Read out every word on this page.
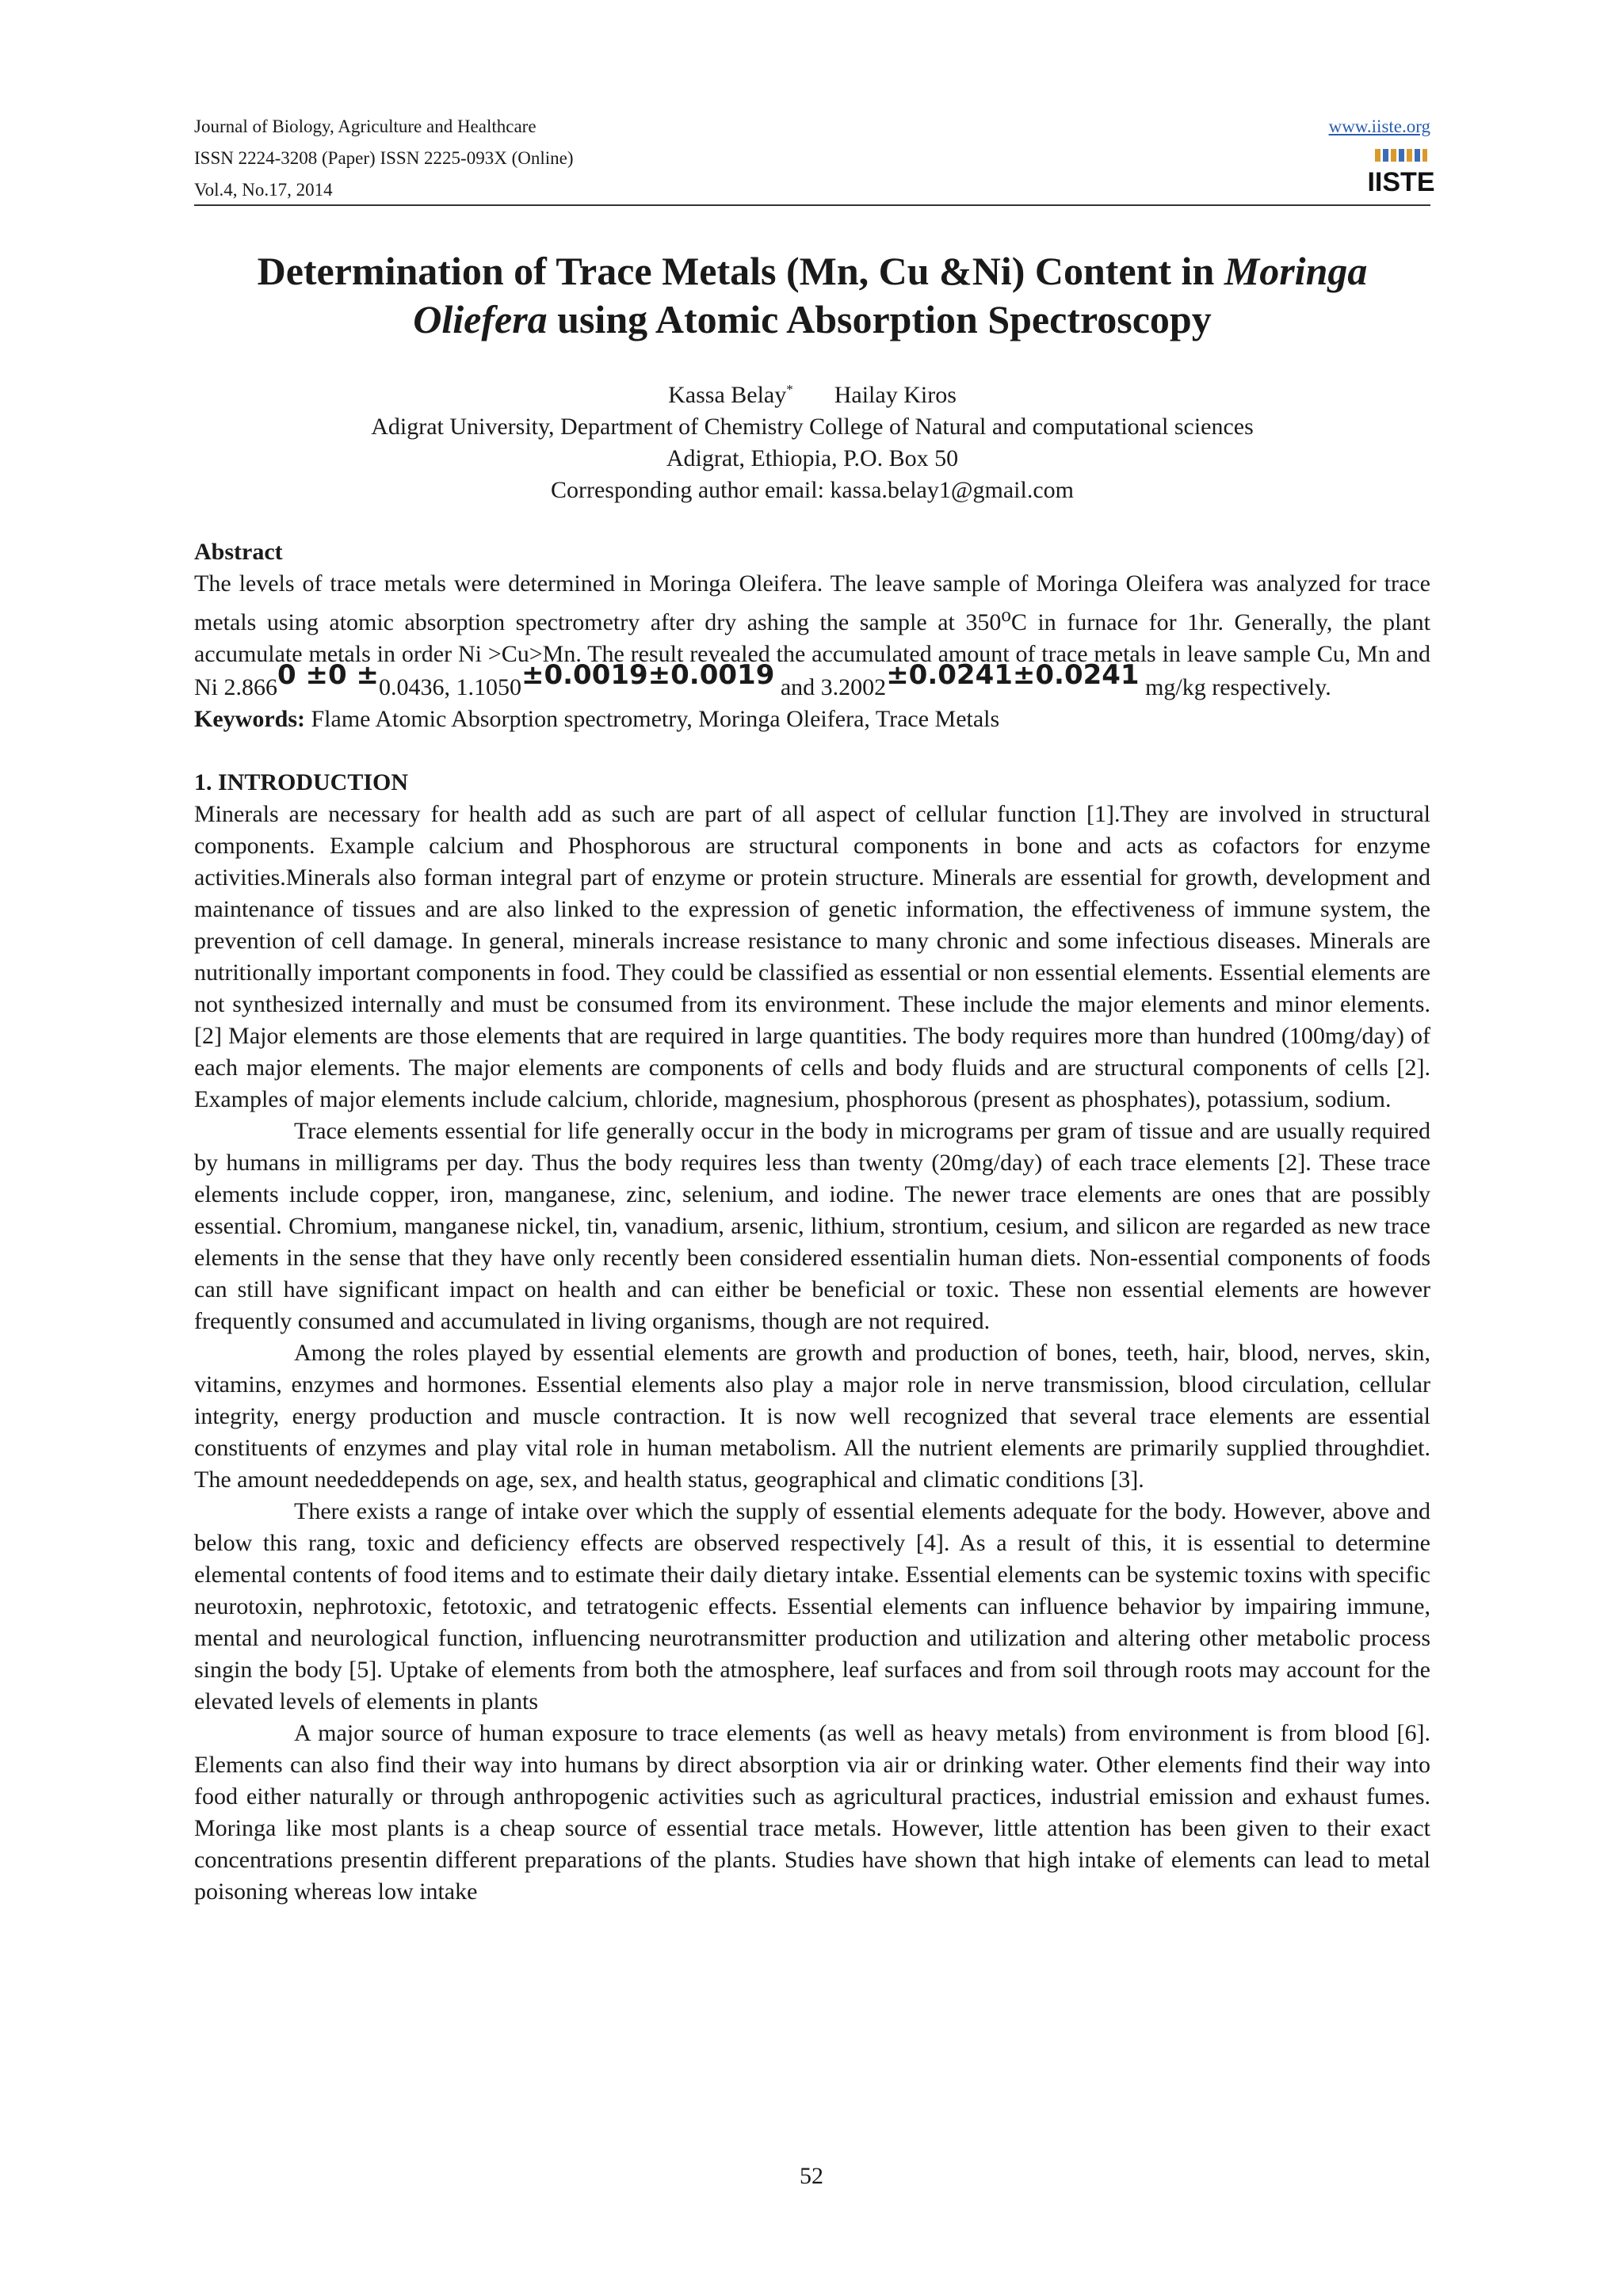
Journal of Biology, Agriculture and Healthcare
ISSN 2224-3208 (Paper) ISSN 2225-093X (Online)
Vol.4, No.17, 2014
www.iiste.org
IISTE
Determination of Trace Metals (Mn, Cu &Ni) Content in Moringa Oliefera using Atomic Absorption Spectroscopy
Kassa Belay* Hailay Kiros
Adigrat University, Department of Chemistry College of Natural and computational sciences
Adigrat, Ethiopia, P.O. Box 50
Corresponding author email: kassa.belay1@gmail.com
Abstract
The levels of trace metals were determined in Moringa Oleifera. The leave sample of Moringa Oleifera was analyzed for trace metals using atomic absorption spectrometry after dry ashing the sample at 350$^o$C in furnace for 1hr. Generally, the plant accumulate metals in order Ni >Cu>Mn. The result revealed the accumulated amount of trace metals in leave sample Cu, Mn and Ni 2.8660 ±0 ±0.0436, 1.1050±0.0019±0.0019 and 3.2002±0.0241±0.0241 mg/kg respectively.
Keywords: Flame Atomic Absorption spectrometry, Moringa Oleifera, Trace Metals
1. INTRODUCTION

Minerals are necessary for health add as such are part of all aspect of cellular function [1].They are involved in structural components. Example calcium and Phosphorous are structural components in bone and acts as cofactors for enzyme activities.Minerals also forman integral part of enzyme or protein structure. Minerals are essential for growth, development and maintenance of tissues and are also linked to the expression of genetic information, the effectiveness of immune system, the prevention of cell damage. In general, minerals increase resistance to many chronic and some infectious diseases. Minerals are nutritionally important components in food. They could be classified as essential or non essential elements. Essential elements are not synthesized internally and must be consumed from its environment. These include the major elements and minor elements. [2] Major elements are those elements that are required in large quantities. The body requires more than hundred (100mg/day) of each major elements. The major elements are components of cells and body fluids and are structural components of cells [2]. Examples of major elements include calcium, chloride, magnesium, phosphorous (present as phosphates), potassium, sodium.

Trace elements essential for life generally occur in the body in micrograms per gram of tissue and are usually required by humans in milligrams per day. Thus the body requires less than twenty (20mg/day) of each trace elements [2]. These trace elements include copper, iron, manganese, zinc, selenium, and iodine. The newer trace elements are ones that are possibly essential. Chromium, manganese nickel, tin, vanadium, arsenic, lithium, strontium, cesium, and silicon are regarded as new trace elements in the sense that they have only recently been considered essentialin human diets. Non-essential components of foods can still have significant impact on health and can either be beneficial or toxic. These non essential elements are however frequently consumed and accumulated in living organisms, though are not required.

Among the roles played by essential elements are growth and production of bones, teeth, hair, blood, nerves, skin, vitamins, enzymes and hormones. Essential elements also play a major role in nerve transmission, blood circulation, cellular integrity, energy production and muscle contraction. It is now well recognized that several trace elements are essential constituents of enzymes and play vital role in human metabolism. All the nutrient elements are primarily supplied throughdiet. The amount neededdepends on age, sex, and health status, geographical and climatic conditions [3].

There exists a range of intake over which the supply of essential elements adequate for the body. However, above and below this rang, toxic and deficiency effects are observed respectively [4]. As a result of this, it is essential to determine elemental contents of food items and to estimate their daily dietary intake. Essential elements can be systemic toxins with specific neurotoxin, nephrotoxic, fetotoxic, and tetratogenic effects. Essential elements can influence behavior by impairing immune, mental and neurological function, influencing neurotransmitter production and utilization and altering other metabolic process singin the body [5]. Uptake of elements from both the atmosphere, leaf surfaces and from soil through roots may account for the elevated levels of elements in plants

A major source of human exposure to trace elements (as well as heavy metals) from environment is from blood [6]. Elements can also find their way into humans by direct absorption via air or drinking water. Other elements find their way into food either naturally or through anthropogenic activities such as agricultural practices, industrial emission and exhaust fumes. Moringa like most plants is a cheap source of essential trace metals. However, little attention has been given to their exact concentrations presentin different preparations of the plants. Studies have shown that high intake of elements can lead to metal poisoning whereas low intake

52
